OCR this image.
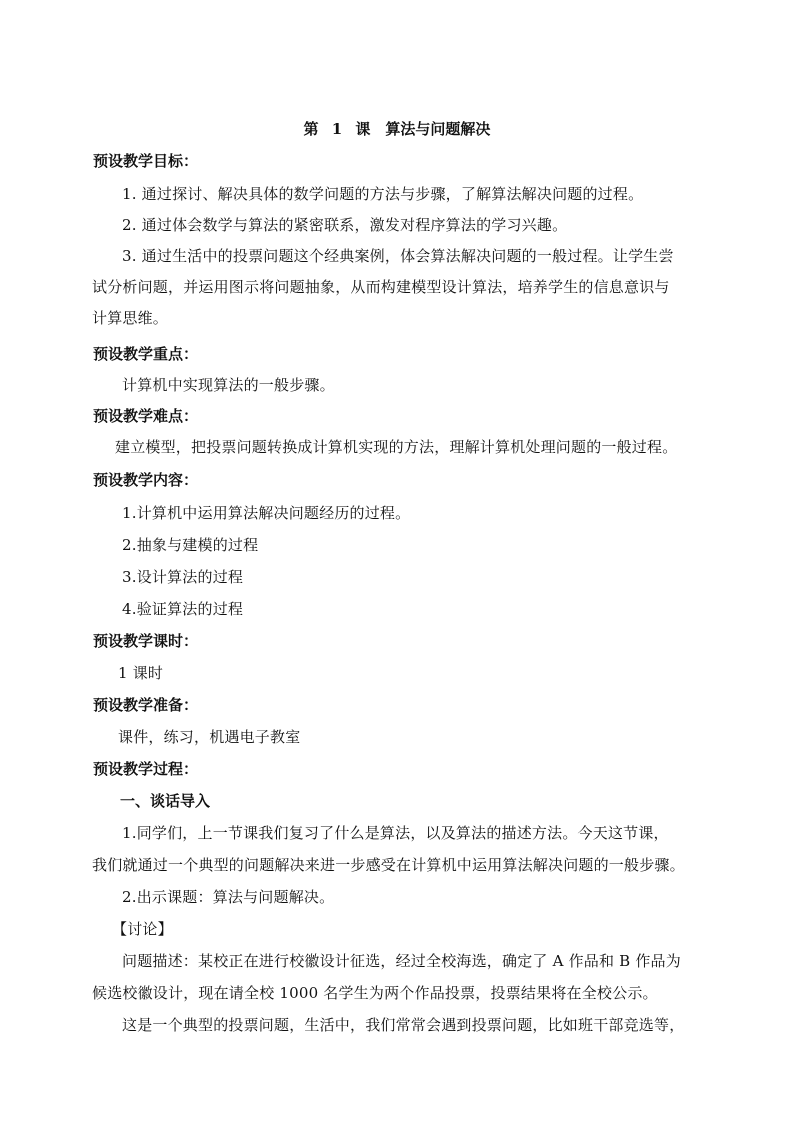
第 1 课　算法与问题解决
预设教学目标：
1. 通过探讨、解决具体的数学问题的方法与步骤，了解算法解决问题的过程。
2. 通过体会数学与算法的紧密联系，激发对程序算法的学习兴趣。
3. 通过生活中的投票问题这个经典案例，体会算法解决问题的一般过程。让学生尝
试分析问题，并运用图示将问题抽象，从而构建模型设计算法，培养学生的信息意识与
计算思维。
预设教学重点：
计算机中实现算法的一般步骤。
预设教学难点：
建立模型，把投票问题转换成计算机实现的方法，理解计算机处理问题的一般过程。
预设教学内容：
1.计算机中运用算法解决问题经历的过程。
2.抽象与建模的过程
3.设计算法的过程
4.验证算法的过程
预设教学课时：
1 课时
预设教学准备：
课件，练习，机遇电子教室
预设教学过程：
一、谈话导入
1.同学们，上一节课我们复习了什么是算法，以及算法的描述方法。今天这节课，
我们就通过一个典型的问题解决来进一步感受在计算机中运用算法解决问题的一般步骤。
2.出示课题：算法与问题解决。
【讨论】
问题描述：某校正在进行校徽设计征选，经过全校海选，确定了 A 作品和 B 作品为
候选校徽设计，现在请全校 1000 名学生为两个作品投票，投票结果将在全校公示。
这是一个典型的投票问题，生活中，我们常常会遇到投票问题，比如班干部竞选等，
